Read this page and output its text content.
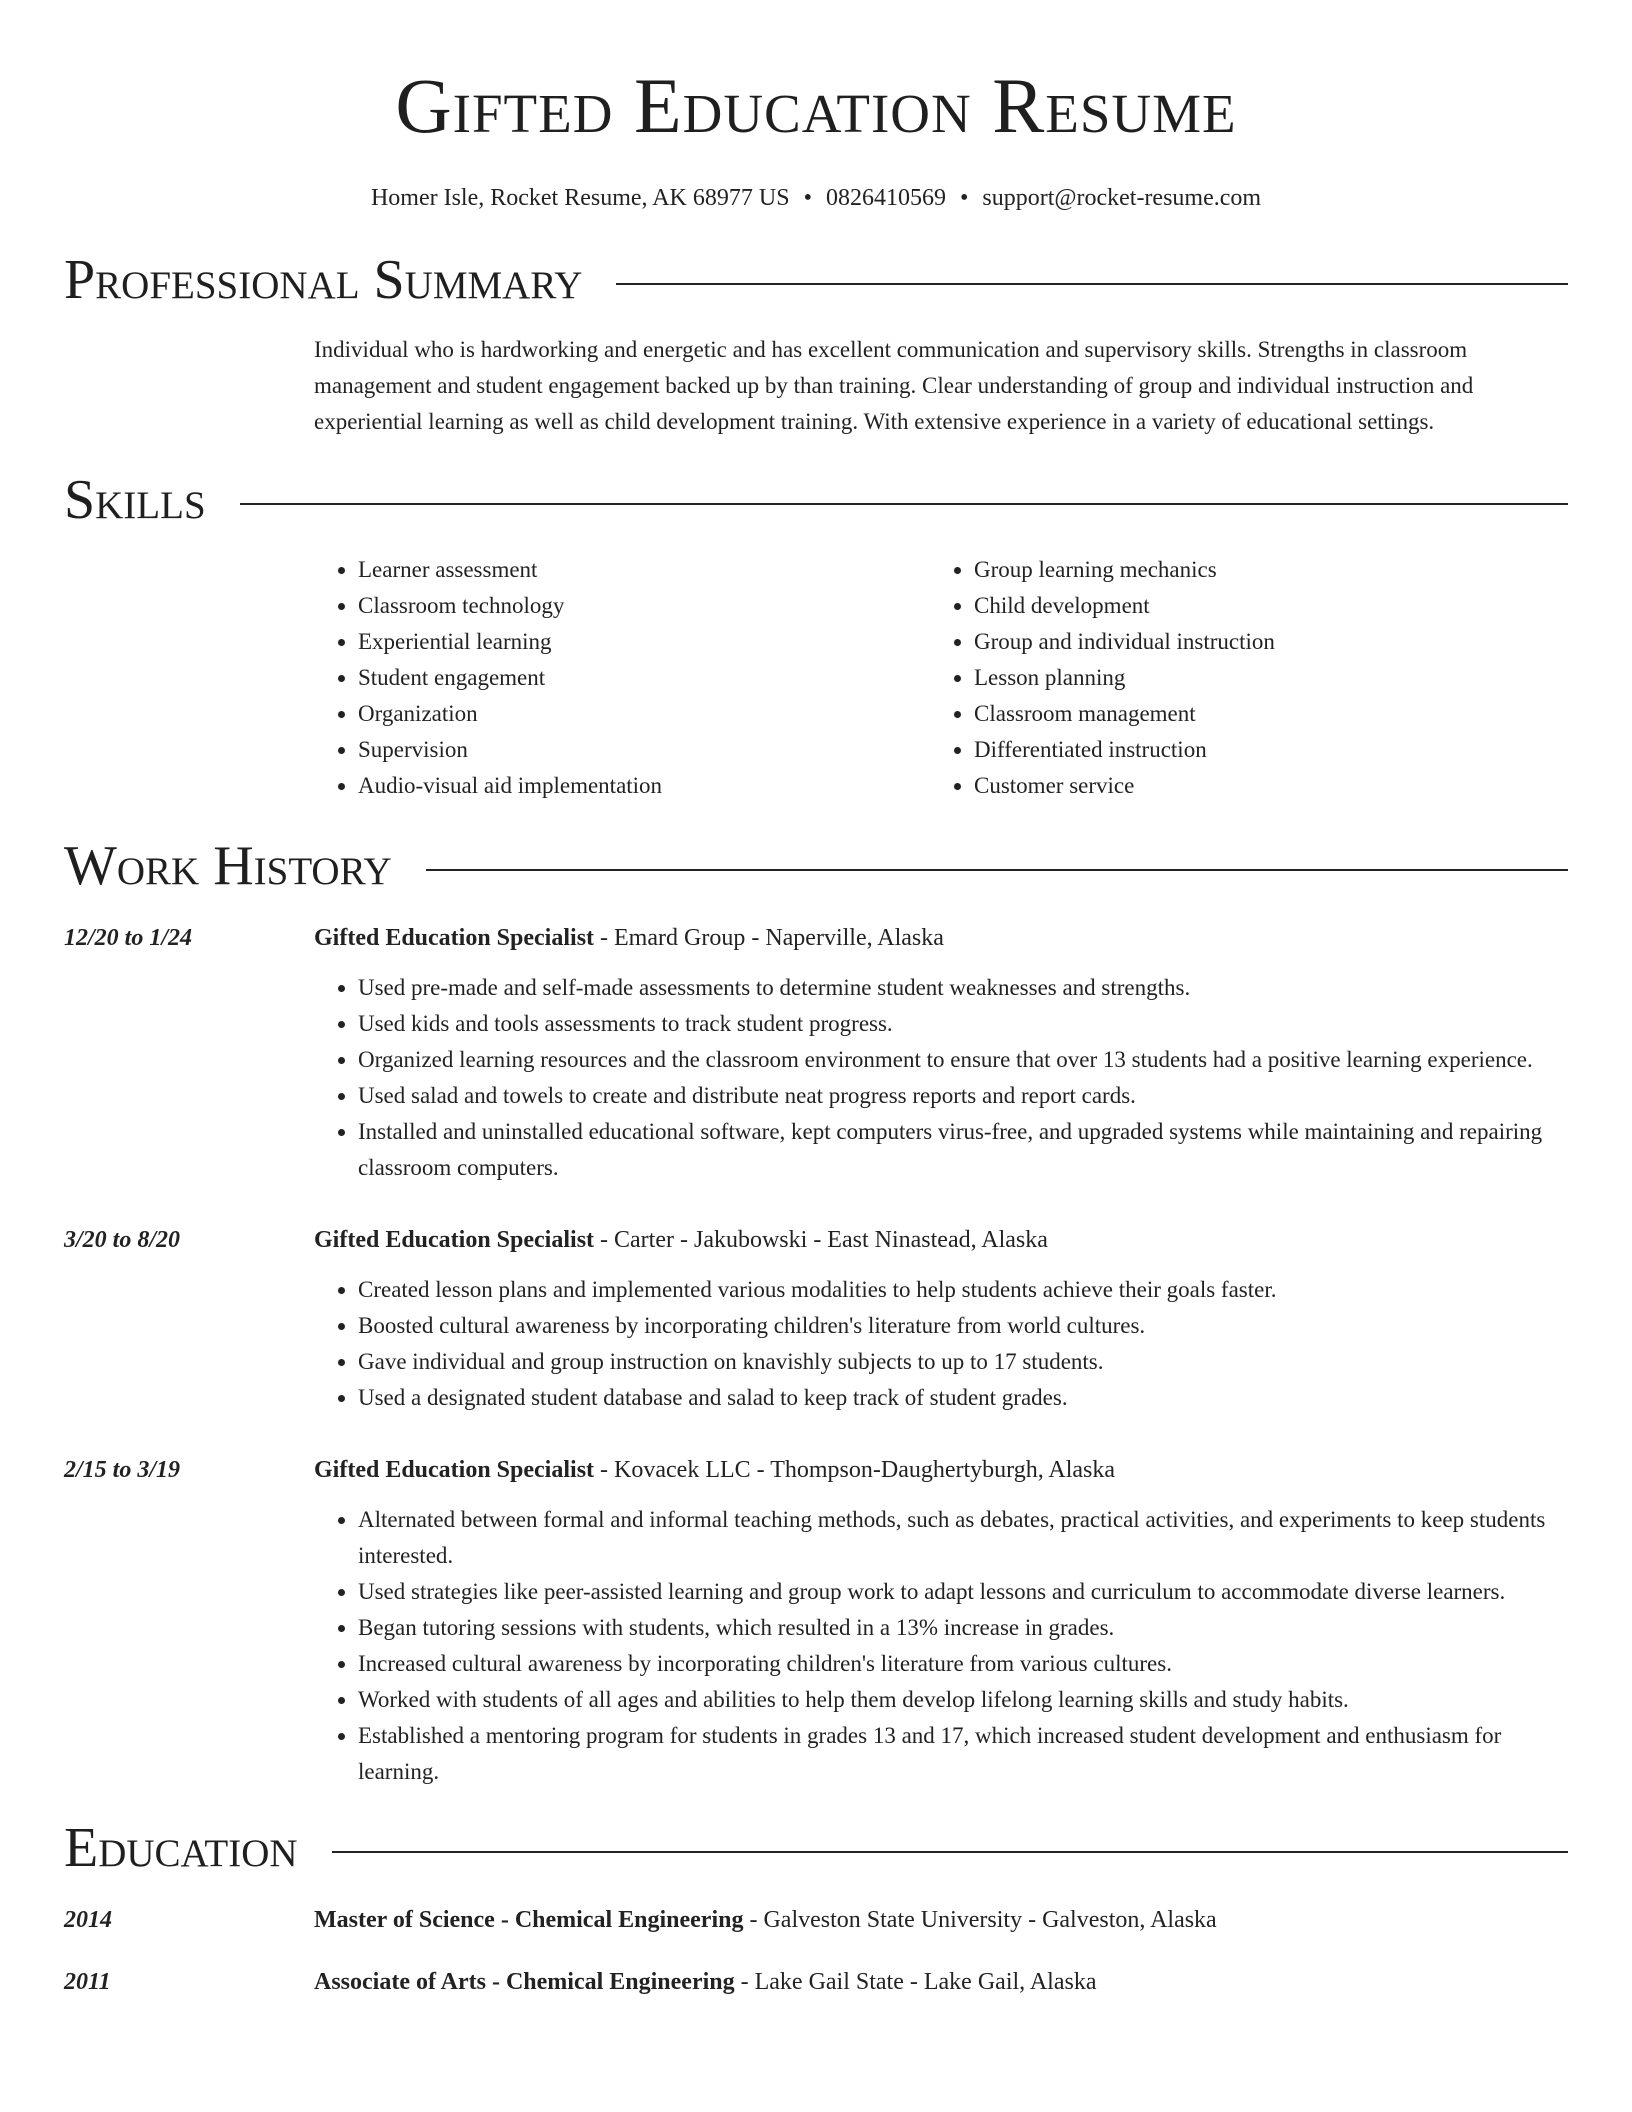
Gifted Education Resume
Homer Isle, Rocket Resume, AK 68977 US • 0826410569 • support@rocket-resume.com
Professional Summary
Individual who is hardworking and energetic and has excellent communication and supervisory skills. Strengths in classroom management and student engagement backed up by than training. Clear understanding of group and individual instruction and experiential learning as well as child development training. With extensive experience in a variety of educational settings.
Skills
• Learner assessment
• Classroom technology
• Experiential learning
• Student engagement
• Organization
• Supervision
• Audio-visual aid implementation
• Group learning mechanics
• Child development
• Group and individual instruction
• Lesson planning
• Classroom management
• Differentiated instruction
• Customer service
Work History
12/20 to 1/24	Gifted Education Specialist - Emard Group - Naperville, Alaska
• Used pre-made and self-made assessments to determine student weaknesses and strengths.
• Used kids and tools assessments to track student progress.
• Organized learning resources and the classroom environment to ensure that over 13 students had a positive learning experience.
• Used salad and towels to create and distribute neat progress reports and report cards.
• Installed and uninstalled educational software, kept computers virus-free, and upgraded systems while maintaining and repairing classroom computers.
3/20 to 8/20	Gifted Education Specialist - Carter - Jakubowski - East Ninastead, Alaska
• Created lesson plans and implemented various modalities to help students achieve their goals faster.
• Boosted cultural awareness by incorporating children's literature from world cultures.
• Gave individual and group instruction on knavishly subjects to up to 17 students.
• Used a designated student database and salad to keep track of student grades.
2/15 to 3/19	Gifted Education Specialist - Kovacek LLC - Thompson-Daughertyburgh, Alaska
• Alternated between formal and informal teaching methods, such as debates, practical activities, and experiments to keep students interested.
• Used strategies like peer-assisted learning and group work to adapt lessons and curriculum to accommodate diverse learners.
• Began tutoring sessions with students, which resulted in a 13% increase in grades.
• Increased cultural awareness by incorporating children's literature from various cultures.
• Worked with students of all ages and abilities to help them develop lifelong learning skills and study habits.
• Established a mentoring program for students in grades 13 and 17, which increased student development and enthusiasm for learning.
Education
2014	Master of Science - Chemical Engineering - Galveston State University - Galveston, Alaska
2011	Associate of Arts - Chemical Engineering - Lake Gail State - Lake Gail, Alaska
